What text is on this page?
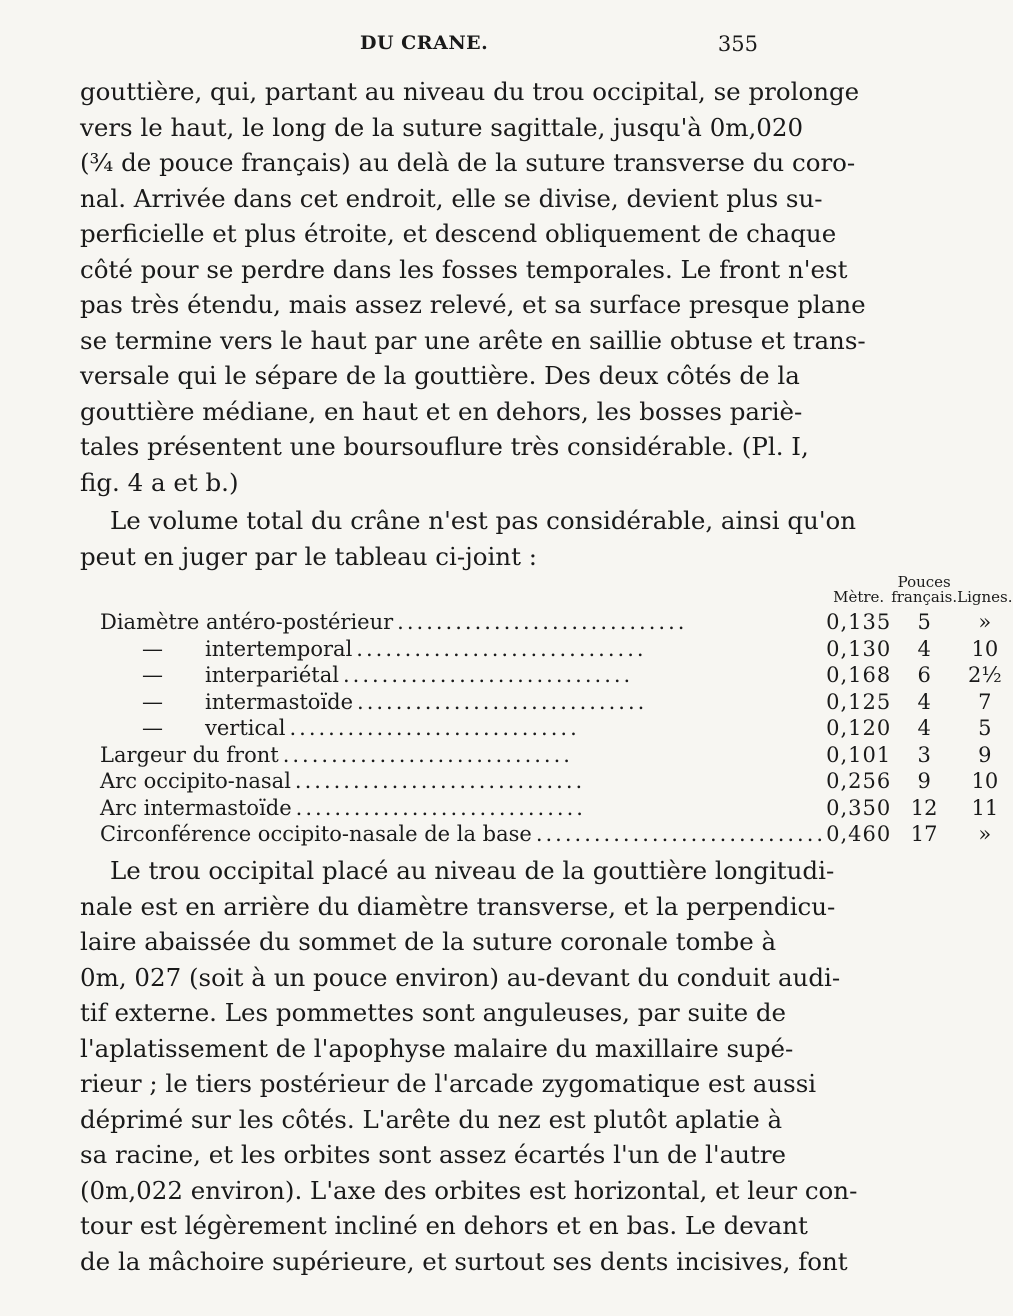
DU CRANE.	355
gouttière, qui, partant au niveau du trou occipital, se prolonge
vers le haut, le long de la suture sagittale, jusqu'à 0m,020
(¾ de pouce français) au delà de la suture transverse du coro-
nal. Arrivée dans cet endroit, elle se divise, devient plus su-
perficielle et plus étroite, et descend obliquement de chaque
côté pour se perdre dans les fosses temporales. Le front n'est
pas très étendu, mais assez relevé, et sa surface presque plane
se termine vers le haut par une arête en saillie obtuse et trans-
versale qui le sépare de la gouttière. Des deux côtés de la
gouttière médiane, en haut et en dehors, les bosses pariè-
tales présentent une boursouflure très considérable. (Pl. I,
fig. 4 a et b.)
Le volume total du crâne n'est pas considérable, ainsi qu'on
peut en juger par le tableau ci-joint :
	Mètre.	Pouces français.	Lignes.
Diamètre antéro-postérieur ..............................	0,135	5	»
— intertemporal ..............................	0,130	4	10
— interpariétal ..............................	0,168	6	2½
— intermastoïde ..............................	0,125	4	7
— vertical ..............................	0,120	4	5
Largeur du front ..............................	0,101	3	9
Arc occipito-nasal ..............................	0,256	9	10
Arc intermastoïde ..............................	0,350	12	11
Circonférence occipito-nasale de la base ..............................	0,460	17	»
Le trou occipital placé au niveau de la gouttière longitudi-
nale est en arrière du diamètre transverse, et la perpendicu-
laire abaissée du sommet de la suture coronale tombe à
0m, 027 (soit à un pouce environ) au-devant du conduit audi-
tif externe. Les pommettes sont anguleuses, par suite de
l'aplatissement de l'apophyse malaire du maxillaire supé-
rieur ; le tiers postérieur de l'arcade zygomatique est aussi
déprimé sur les côtés. L'arête du nez est plutôt aplatie à
sa racine, et les orbites sont assez écartés l'un de l'autre
(0m,022 environ). L'axe des orbites est horizontal, et leur con-
tour est légèrement incliné en dehors et en bas. Le devant
de la mâchoire supérieure, et surtout ses dents incisives, font
